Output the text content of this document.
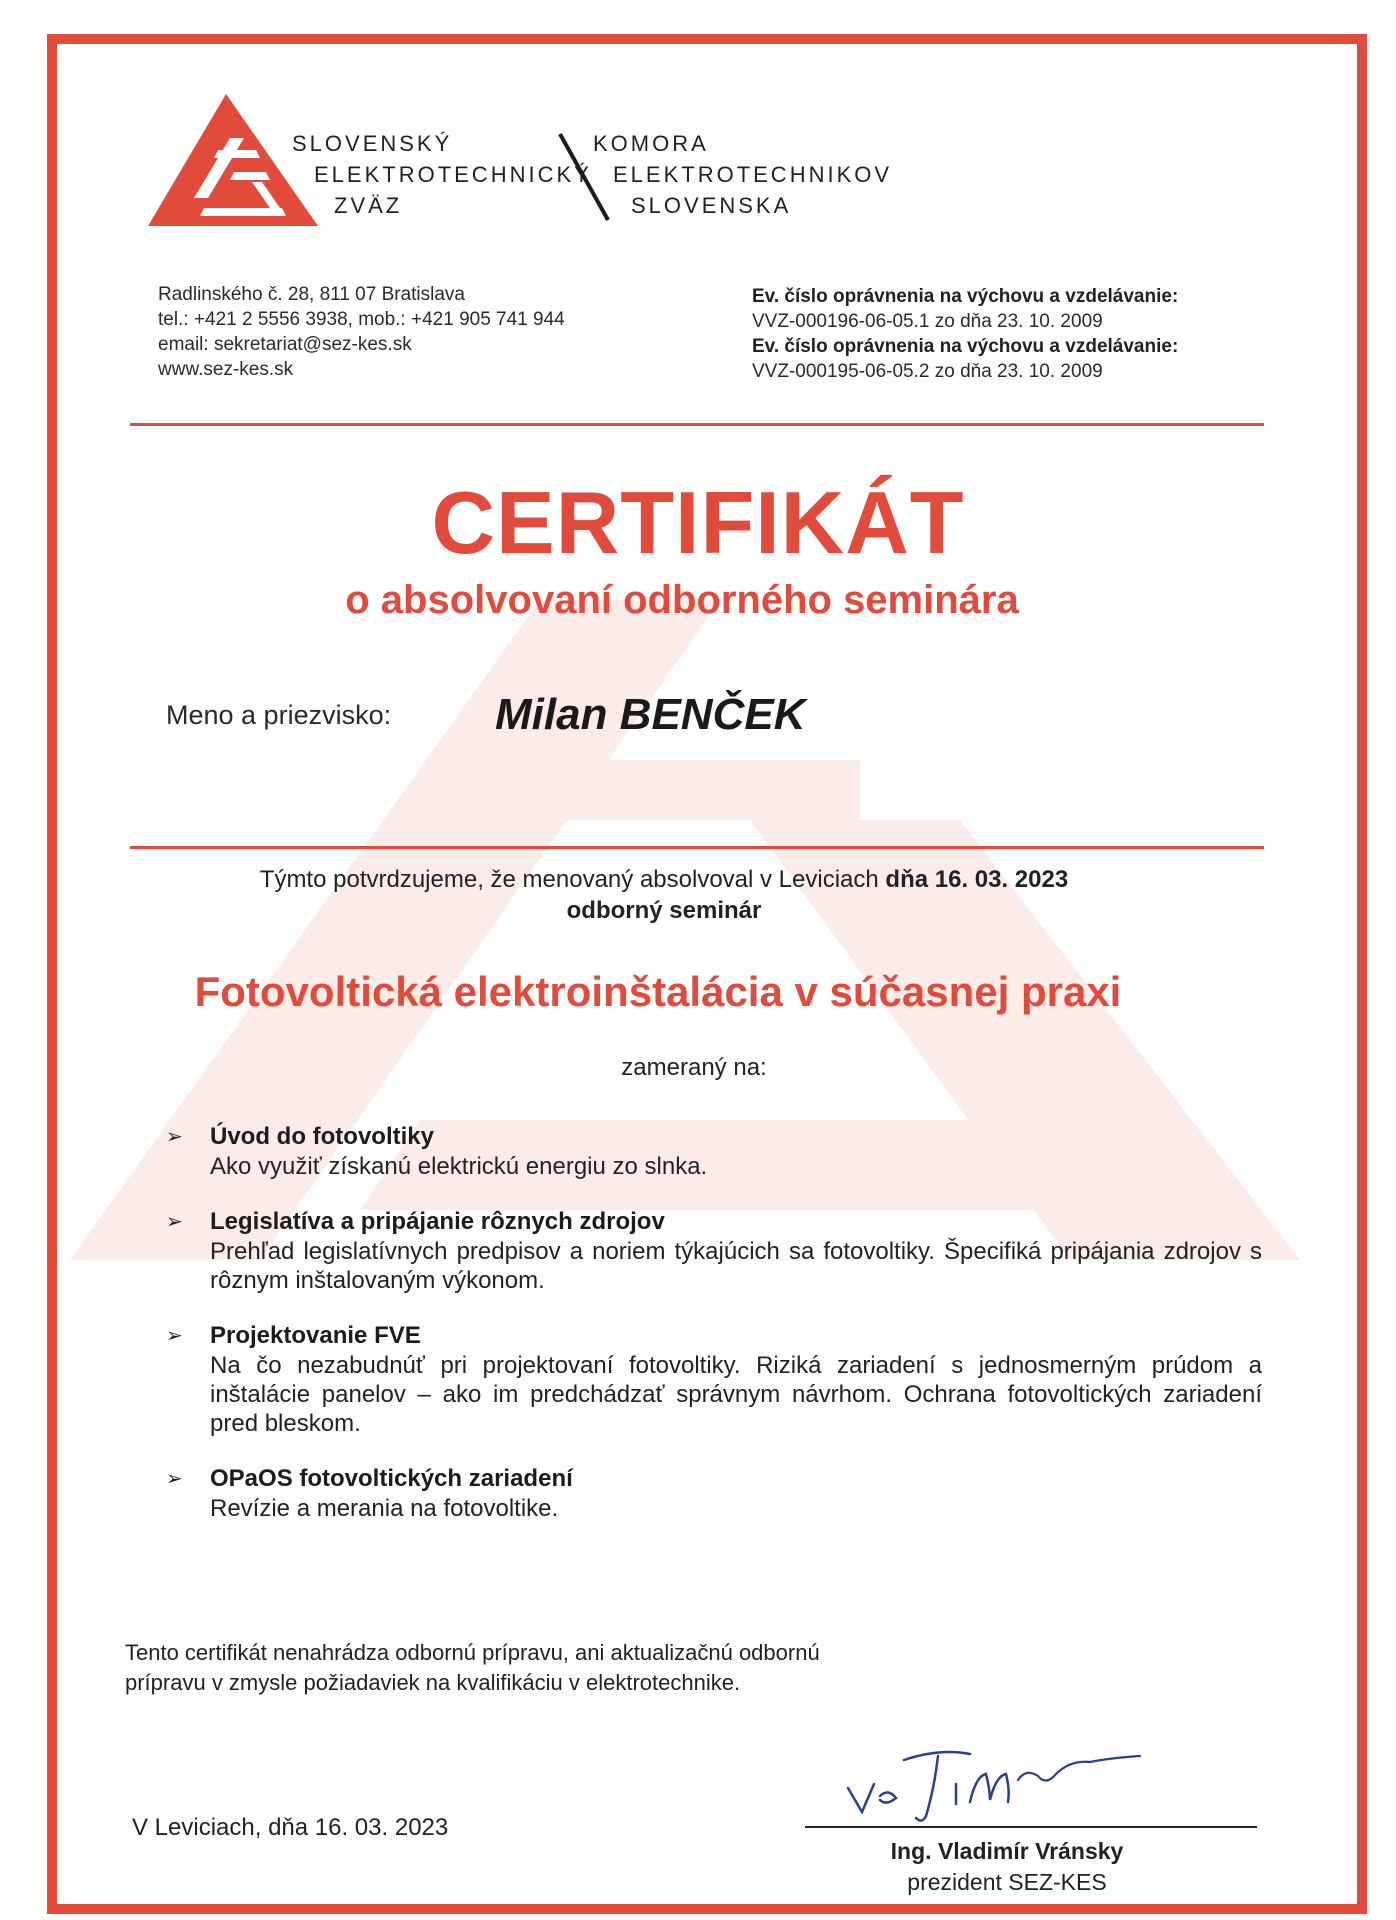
SLOVENSKÝ
ELEKTROTECHNICKÝ
ZVÄZ
KOMORA
ELEKTROTECHNIKOV
SLOVENSKA
Radlinského č. 28, 811 07 Bratislava
tel.: +421 2 5556 3938, mob.: +421 905 741 944
email: sekretariat@sez-kes.sk
www.sez-kes.sk
Ev. číslo oprávnenia na výchovu a vzdelávanie:
VVZ-000196-06-05.1 zo dňa 23. 10. 2009
Ev. číslo oprávnenia na výchovu a vzdelávanie:
VVZ-000195-06-05.2 zo dňa 23. 10. 2009
CERTIFIKÁT
o absolvovaní odborného seminára
Meno a priezvisko: Milan BENČEK
Týmto potvrdzujeme, že menovaný absolvoval v Leviciach dňa 16. 03. 2023
odborný seminár
Fotovoltická elektroinštalácia v súčasnej praxi
zameraný na:
➢ Úvod do fotovoltiky
Ako využiť získanú elektrickú energiu zo slnka.
➢ Legislatíva a pripájanie rôznych zdrojov
Prehľad legislatívnych predpisov a noriem týkajúcich sa fotovoltiky. Špecifiká pripájania zdrojov s rôznym inštalovaným výkonom.
➢ Projektovanie FVE
Na čo nezabudnúť pri projektovaní fotovoltiky. Riziká zariadení s jednosmerným prúdom a inštalácie panelov – ako im predchádzať správnym návrhom. Ochrana fotovoltických zariadení pred bleskom.
➢ OPaOS fotovoltických zariadení
Revízie a merania na fotovoltike.
Tento certifikát nenahrádza odbornú prípravu, ani aktualizačnú odbornú
prípravu v zmysle požiadaviek na kvalifikáciu v elektrotechnike.
V Leviciach, dňa 16. 03. 2023
Ing. Vladimír Vránsky
prezident SEZ-KES
